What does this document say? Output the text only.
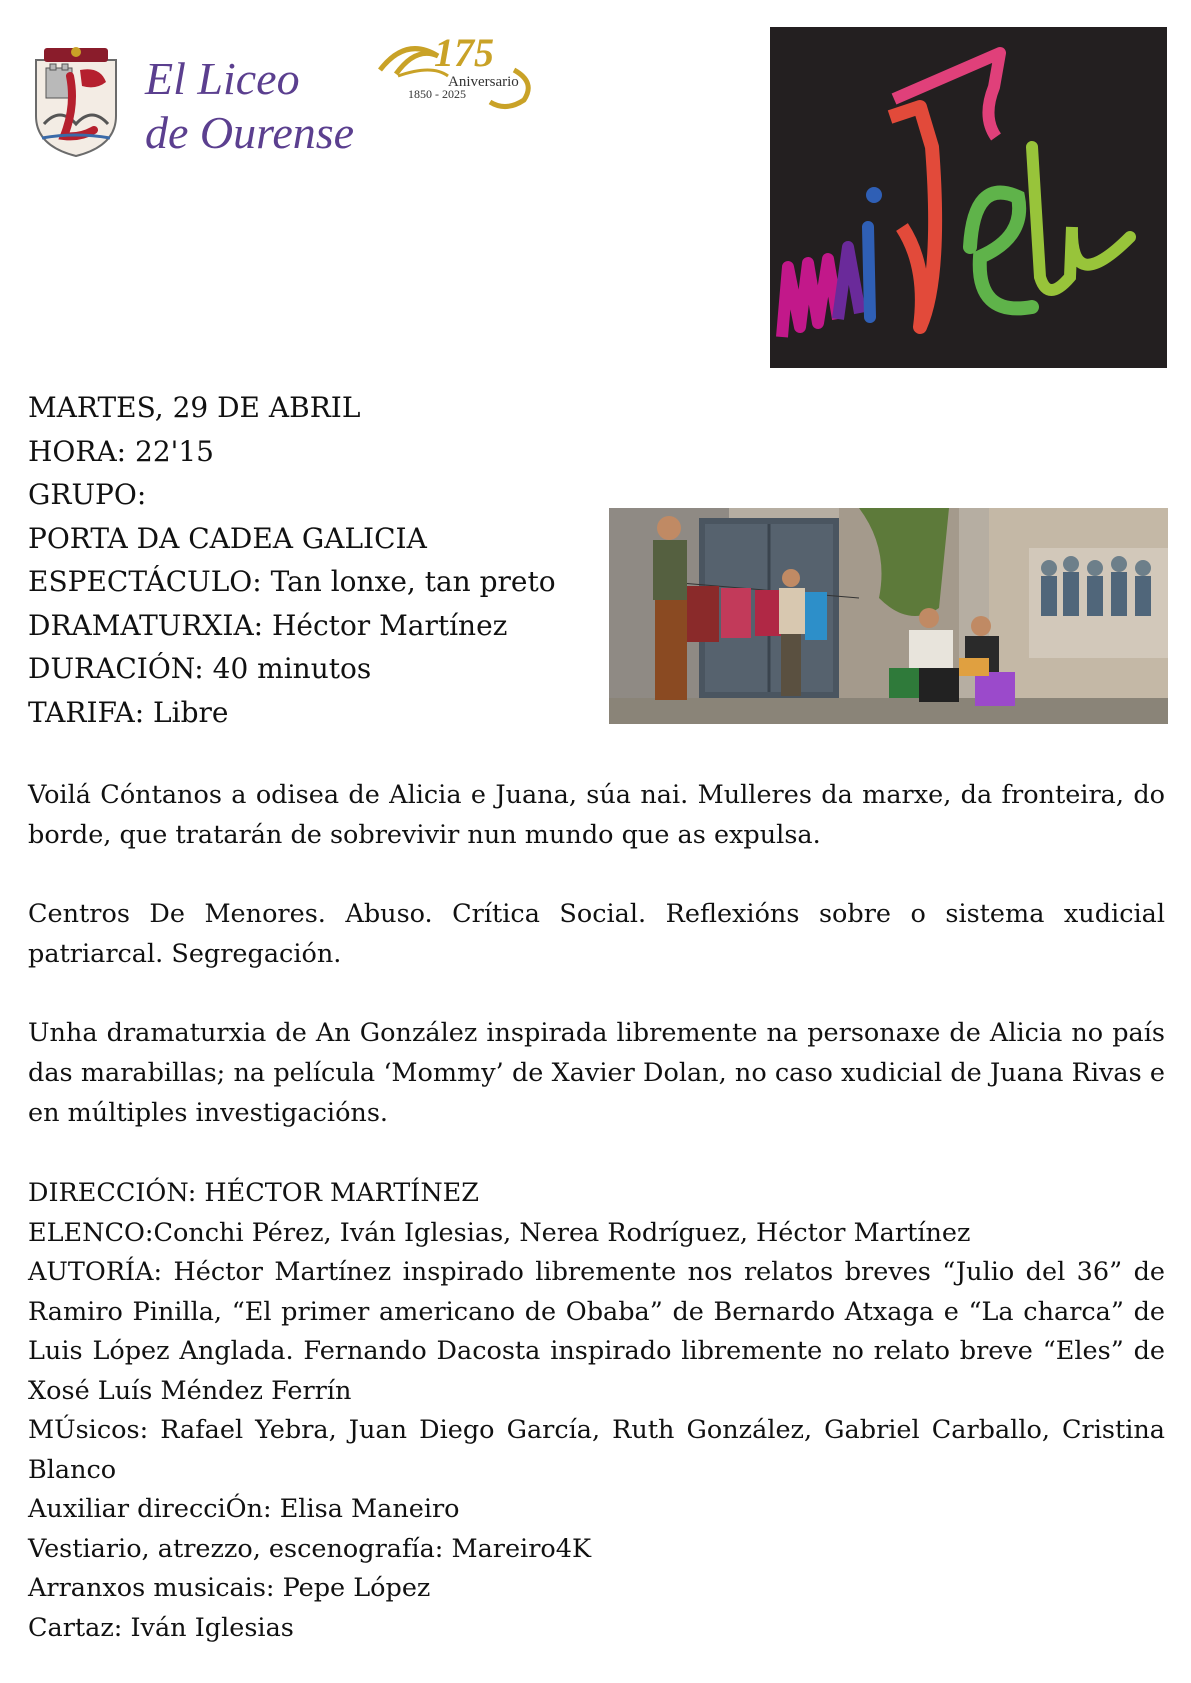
El Liceo
de Ourense
175
Aniversario
1850 - 2025
MARTES, 29 DE ABRIL
HORA: 22'15
GRUPO:
PORTA DA CADEA GALICIA
ESPECTÁCULO: Tan lonxe, tan preto
DRAMATURXIA: Héctor Martínez
DURACIÓN: 40 minutos
TARIFA: Libre
Voilá Cóntanos a odisea de Alicia e Juana, súa nai. Mulleres da marxe, da fronteira, do borde, que tratarán de sobrevivir nun mundo que as expulsa.
Centros De Menores. Abuso. Crítica Social. Reflexións sobre o sistema xudicial patriarcal. Segregación.
Unha dramaturxia de An González inspirada libremente na personaxe de Alicia no país das marabillas; na película ‘Mommy’ de Xavier Dolan, no caso xudicial de Juana Rivas e en múltiples investigacións.
DIRECCIÓN: HÉCTOR MARTÍNEZ
ELENCO:Conchi Pérez, Iván Iglesias, Nerea Rodríguez, Héctor Martínez
AUTORÍA: Héctor Martínez inspirado libremente nos relatos breves “Julio del 36” de Ramiro Pinilla, “El primer americano de Obaba” de Bernardo Atxaga e “La charca” de Luis López Anglada. Fernando Dacosta inspirado libremente no relato breve “Eles” de Xosé Luís Méndez Ferrín
MÚsicos: Rafael Yebra, Juan Diego García, Ruth González, Gabriel Carballo, Cristina Blanco
Auxiliar direcciÓn: Elisa Maneiro
Vestiario, atrezzo, escenografía: Mareiro4K
Arranxos musicais: Pepe López
Cartaz: Iván Iglesias
